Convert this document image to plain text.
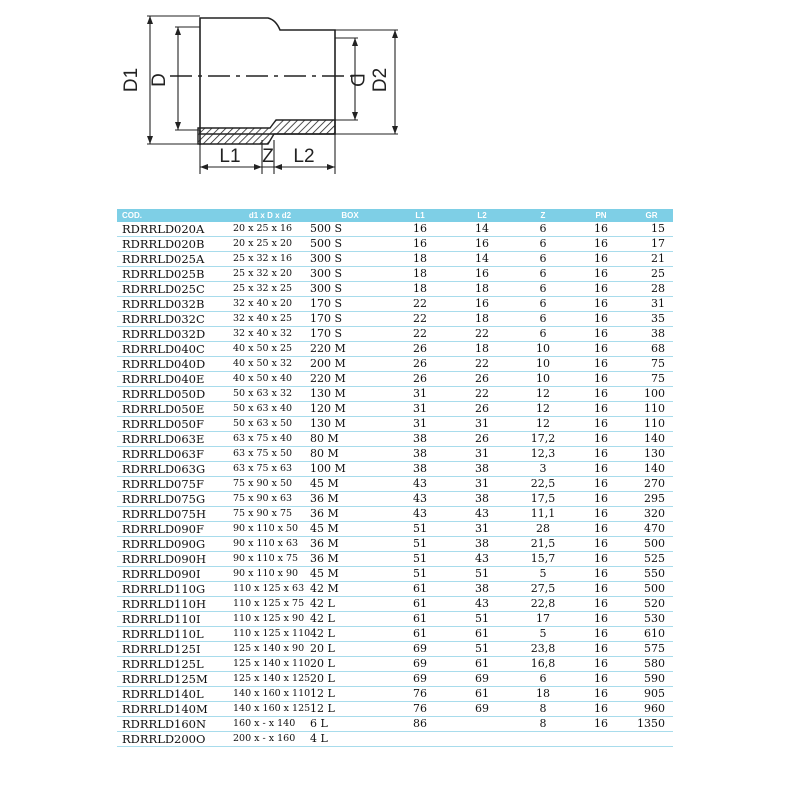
D1 D	D D2
L1 Z L2
COD.	d1 x D x d2	BOX	L1	L2	Z	PN	GR
RDRRLD020A	20 x 25 x 16	500 S	16	14	6	16	15
RDRRLD020B	20 x 25 x 20	500 S	16	16	6	16	17
RDRRLD025A	25 x 32 x 16	300 S	18	14	6	16	21
RDRRLD025B	25 x 32 x 20	300 S	18	16	6	16	25
RDRRLD025C	25 x 32 x 25	300 S	18	18	6	16	28
RDRRLD032B	32 x 40 x 20	170 S	22	16	6	16	31
RDRRLD032C	32 x 40 x 25	170 S	22	18	6	16	35
RDRRLD032D	32 x 40 x 32	170 S	22	22	6	16	38
RDRRLD040C	40 x 50 x 25	220 M	26	18	10	16	68
RDRRLD040D	40 x 50 x 32	200 M	26	22	10	16	75
RDRRLD040E	40 x 50 x 40	220 M	26	26	10	16	75
RDRRLD050D	50 x 63 x 32	130 M	31	22	12	16	100
RDRRLD050E	50 x 63 x 40	120 M	31	26	12	16	110
RDRRLD050F	50 x 63 x 50	130 M	31	31	12	16	110
RDRRLD063E	63 x 75 x 40	80 M	38	26	17,2	16	140
RDRRLD063F	63 x 75 x 50	80 M	38	31	12,3	16	130
RDRRLD063G	63 x 75 x 63	100 M	38	38	3	16	140
RDRRLD075F	75 x 90 x 50	45 M	43	31	22,5	16	270
RDRRLD075G	75 x 90 x 63	36 M	43	38	17,5	16	295
RDRRLD075H	75 x 90 x 75	36 M	43	43	11,1	16	320
RDRRLD090F	90 x 110 x 50	45 M	51	31	28	16	470
RDRRLD090G	90 x 110 x 63	36 M	51	38	21,5	16	500
RDRRLD090H	90 x 110 x 75	36 M	51	43	15,7	16	525
RDRRLD090I	90 x 110 x 90	45 M	51	51	5	16	550
RDRRLD110G	110 x 125 x 63	42 M	61	38	27,5	16	500
RDRRLD110H	110 x 125 x 75	42 L	61	43	22,8	16	520
RDRRLD110I	110 x 125 x 90	42 L	61	51	17	16	530
RDRRLD110L	110 x 125 x 110	42 L	61	61	5	16	610
RDRRLD125I	125 x 140 x 90	20 L	69	51	23,8	16	575
RDRRLD125L	125 x 140 x 110	20 L	69	61	16,8	16	580
RDRRLD125M	125 x 140 x 125	20 L	69	69	6	16	590
RDRRLD140L	140 x 160 x 110	12 L	76	61	18	16	905
RDRRLD140M	140 x 160 x 125	12 L	76	69	8	16	960
RDRRLD160N	160 x - x 140	6 L	86		8	16	1350
RDRRLD200O	200 x - x 160	4 L					
